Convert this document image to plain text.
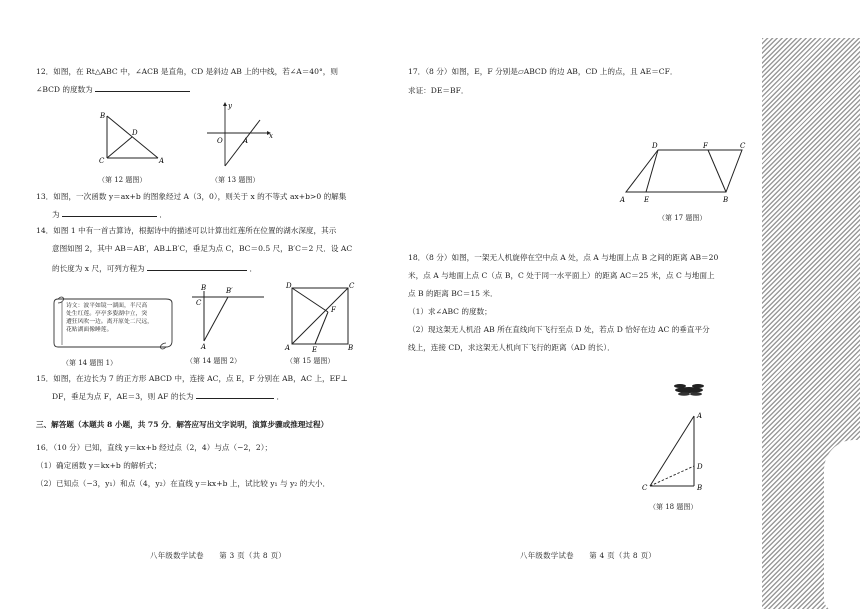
12．如图，在 Rt△ABC 中，∠ACB 是直角，CD 是斜边 AB 上的中线，若∠A＝40°，则
∠BCD 的度数为
B
D
C	A
（第 12 题图）
y
x
O	A
（第 13 题图）
13．如图，一次函数 y＝ax+b 的图象经过 A（3，0），则关于 x 的不等式 ax+b>0 的解集
为	．
14．如图 1 中有一首古算诗，根据诗中的描述可以计算出红莲所在位置的湖水深度，其示
意图如图 2，其中 AB＝AB′，AB⊥B′C，垂足为点 C，BC＝0.5 尺，B′C＝2 尺．设 AC
的长度为 x 尺，可列方程为	．
诗文：波平如镜一湖面，半尺高
处生红莲。亭亭多姿湖中立，突
遭狂风吹一边。离开原处二尺远，
花贴湖面像睡莲。
（第 14 题图 1）
B	B′
C
A
（第 14 题图 2）
D	C
F
A	E	B
（第 15 题图）
15．如图，在边长为 7 的正方形 ABCD 中，连接 AC，点 E，F 分别在 AB，AC 上，EF⊥
DF，垂足为点 F，AE＝3，则 AF 的长为	．
三、解答题（本题共 8 小题，共 75 分．解答应写出文字说明，演算步骤或推理过程）
16．（10 分）已知，直线 y＝kx+b 经过点（2，4）与点（−2，2）；
（1）确定函数 y＝kx+b 的解析式；
（2）已知点（−3，y₁）和点（4，y₂）在直线 y＝kx+b 上，试比较 y₁ 与 y₂ 的大小．
八年级数学试卷　　第 3 页（共 8 页）
17．（8 分）如图，E，F 分别是▱ABCD 的边 AB，CD 上的点，且 AE＝CF．
求证：DE＝BF．
D	F	C
A	E	B
（第 17 题图）
18．（8 分）如图，一架无人机旋停在空中点 A 处，点 A 与地面上点 B 之间的距离 AB＝20
米，点 A 与地面上点 C（点 B，C 处于同一水平面上）的距离 AC＝25 米，点 C 与地面上
点 B 的距离 BC＝15 米．
（1）求∠ABC 的度数；
（2）现这架无人机沿 AB 所在直线向下飞行至点 D 处，若点 D 恰好在边 AC 的垂直平分
线上，连接 CD，求这架无人机向下飞行的距离（AD 的长）．
A
D
C	B
（第 18 题图）
八年级数学试卷　　第 4 页（共 8 页）
